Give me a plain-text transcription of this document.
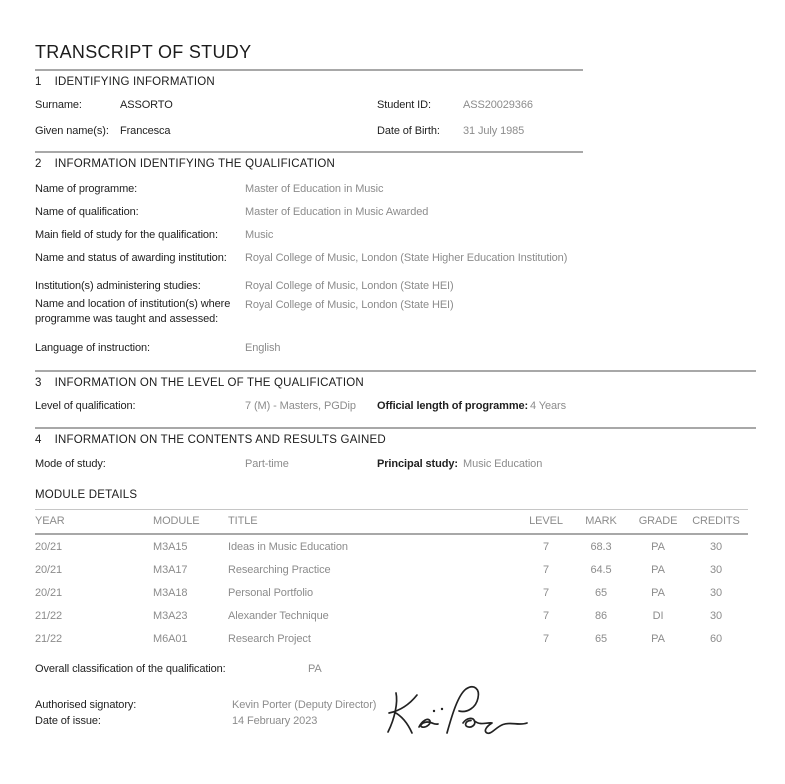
TRANSCRIPT OF STUDY
1 IDENTIFYING INFORMATION
Surname:	ASSORTO	Student ID:	ASS20029366
Given name(s): Francesca	Date of Birth: 31 July 1985
2 INFORMATION IDENTIFYING THE QUALIFICATION
Name of programme:	Master of Education in Music
Name of qualification:	Master of Education in Music Awarded
Main field of study for the qualification: Music
Name and status of awarding institution: Royal College of Music, London (State Higher Education Institution)
Institution(s) administering studies:	Royal College of Music, London (State HEI)
Name and location of institution(s) where programme was taught and assessed:
Royal College of Music, London (State HEI)
Language of instruction:	English
3 INFORMATION ON THE LEVEL OF THE QUALIFICATION
Level of qualification:	7 (M) - Masters, PGDip Official length of programme: 4 Years
4 INFORMATION ON THE CONTENTS AND RESULTS GAINED
Mode of study:	Part-time	Principal study: Music Education
MODULE DETAILS
YEAR	MODULE	TITLE	LEVEL	MARK	GRADE	CREDITS
20/21	M3A15	Ideas in Music Education	7	68.3	PA	30
20/21	M3A17	Researching Practice	7	64.5	PA	30
20/21	M3A18	Personal Portfolio	7	65	PA	30
21/22	M3A23	Alexander Technique	7	86	DI	30
21/22	M6A01	Research Project	7	65	PA	60
Overall classification of the qualification:	PA
Authorised signatory:	Kevin Porter (Deputy Director)
Date of issue:	14 February 2023
